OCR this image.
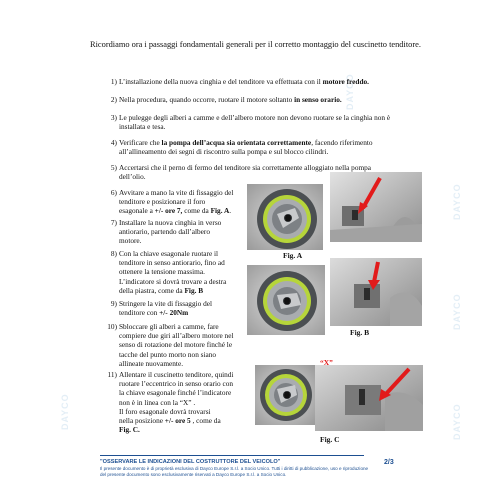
DAYCO
DAYCO
DAYCO
DAYCO
DAYCO
Ricordiamo ora i passaggi fondamentali generali per il corretto montaggio del cuscinetto tenditore.
1) L’installazione della nuova cinghia e del tenditore va effettuata con il motore freddo.
2) Nella procedura, quando occorre, ruotare il motore soltanto in senso orario.
3) Le pulegge degli alberi a camme e dell’albero motore non devono ruotare se la cinghia non è
installata e tesa.
4) Verificare che la pompa dell’acqua sia orientata correttamente, facendo riferimento
all’allineamento dei segni di riscontro sulla pompa e sul blocco cilindri.
5) Accertarsi che il perno di fermo del tenditore sia correttamente alloggiato nella pompa
dell’olio.
6) Avvitare a mano la vite di fissaggio del
tenditore e posizionare il foro
esagonale a +/- ore 7, come da Fig. A.
7) Installare la nuova cinghia in verso
antiorario, partendo dall’albero
motore.
8) Con la chiave esagonale ruotare il
tenditore in senso antiorario, fino ad
ottenere la tensione massima.
L’indicatore si dovrà trovare a destra
della piastra, come da Fig. B
9) Stringere la vite di fissaggio del
tenditore con +/- 20Nm
10) Sbloccare gli alberi a camme, fare
compiere due giri all’albero motore nel
senso di rotazione del motore finché le
tacche del punto morto non siano
allineate nuovamente.
11) Allentare il cuscinetto tenditore, quindi
ruotare l’eccentrico in senso orario con
la chiave esagonale finché l’indicatore
non è in linea con la “X” .
Il foro esagonale dovrà trovarsi
nella posizione +/- ore 5 , come da
Fig. C.
Fig. A
Fig. B
“X”
Fig. C
"OSSERVARE LE INDICAZIONI DEL COSTRUTTORE DEL VEICOLO"
Il presente documento è di proprietà esclusiva di Dayco Europe S.r.l. a Socio Unico. Tutti i diritti di pubblicazione, uso e riproduzione del presente documento sono esclusivamente riservati a Dayco Europe S.r.l. a Socio Unico.
2/3
